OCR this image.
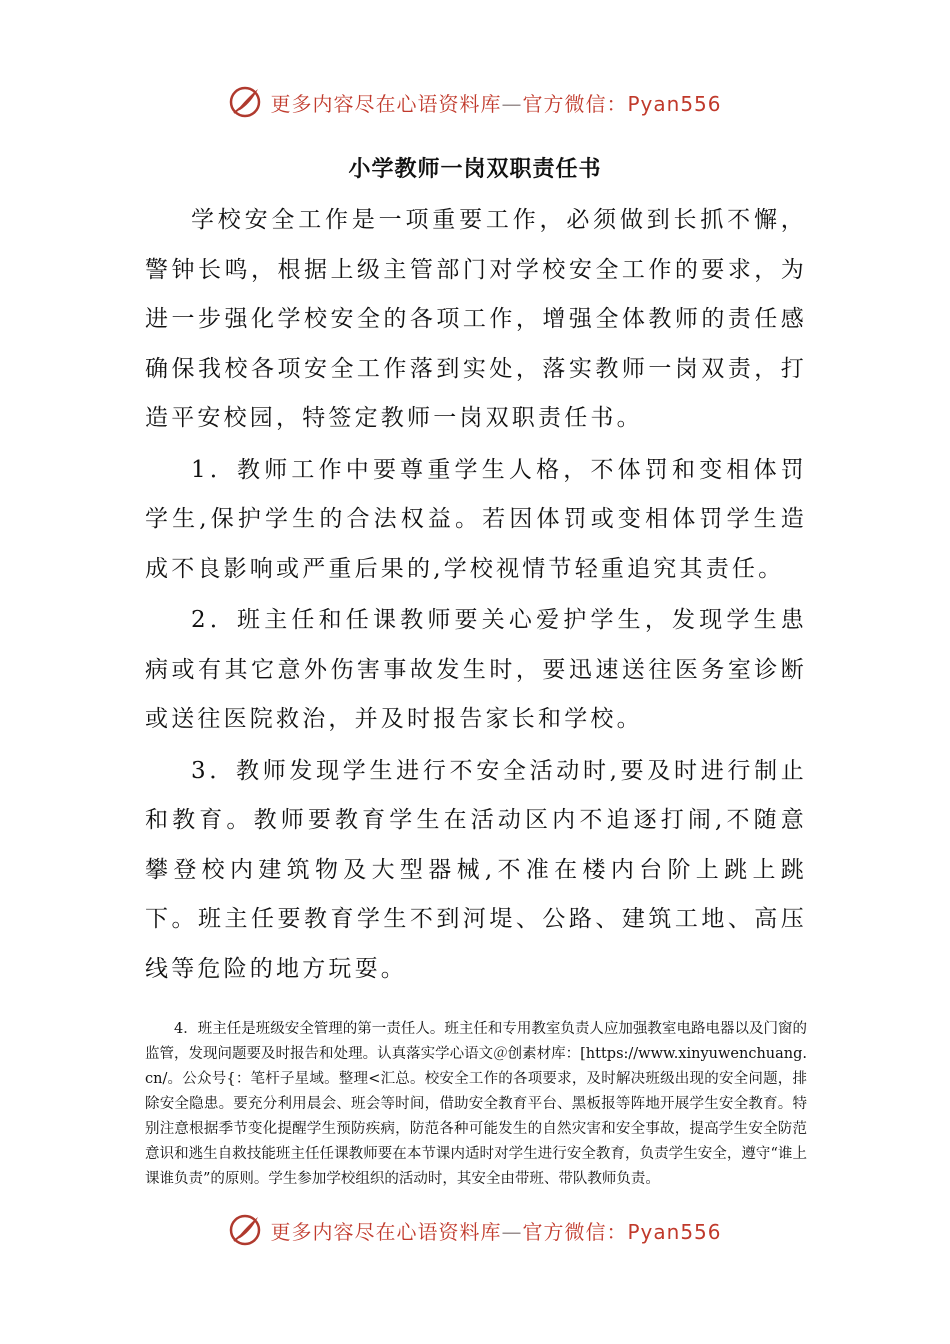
更多内容尽在心语资料库—官方微信：Pyan556
小学教师一岗双职责任书

学校安全工作是一项重要工作，必须做到长抓不懈，警钟长鸣，根据上级主管部门对学校安全工作的要求，为进一步强化学校安全的各项工作，增强全体教师的责任感确保我校各项安全工作落到实处，落实教师一岗双责，打造平安校园，特签定教师一岗双职责任书。

1．教师工作中要尊重学生人格，不体罚和变相体罚学生,保护学生的合法权益。若因体罚或变相体罚学生造成不良影响或严重后果的,学校视情节轻重追究其责任。

2．班主任和任课教师要关心爱护学生，发现学生患病或有其它意外伤害事故发生时，要迅速送往医务室诊断或送往医院救治，并及时报告家长和学校。

3．教师发现学生进行不安全活动时,要及时进行制止和教育。教师要教育学生在活动区内不追逐打闹,不随意攀登校内建筑物及大型器械,不准在楼内台阶上跳上跳下。班主任要教育学生不到河堤、公路、建筑工地、高压线等危险的地方玩耍。

4．班主任是班级安全管理的第一责任人。班主任和专用教室负责人应加强教室电路电器以及门窗的监管，发现问题要及时报告和处理。认真落实学心语文＠创素材库：[https://www.xinyuwenchuang.cn/。公众号{：笔杆子星域。整理<汇总。校安全工作的各项要求，及时解决班级出现的安全问题，排除安全隐患。要充分利用晨会、班会等时间，借助安全教育平台、黑板报等阵地开展学生安全教育。特别注意根据季节变化提醒学生预防疾病，防范各种可能发生的自然灾害和安全事故，提高学生安全防范意识和逃生自救技能班主任任课教师要在本节课内适时对学生进行安全教育，负责学生安全，遵守“谁上课谁负责”的原则。学生参加学校组织的活动时，其安全由带班、带队教师负责。

更多内容尽在心语资料库—官方微信：Pyan556
